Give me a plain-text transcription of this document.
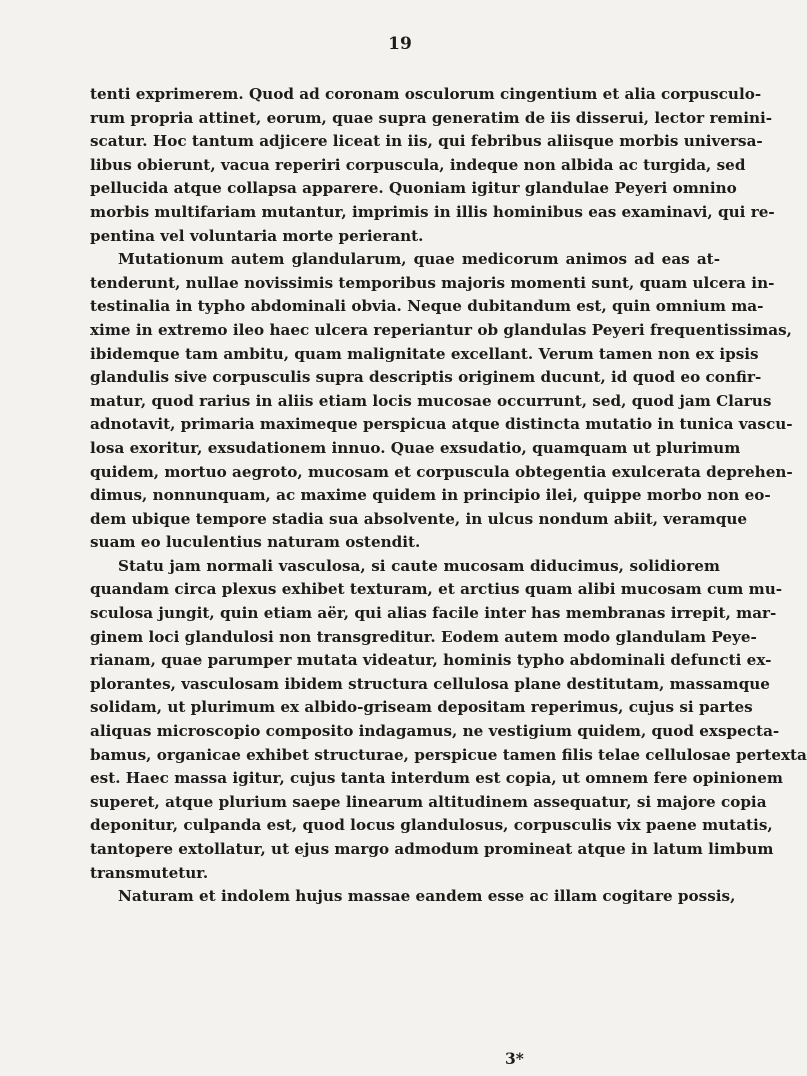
19
tenti exprimerem. Quod ad coronam osculorum cingentium et alia corpusculo-
rum propria attinet, eorum, quae supra generatim de iis disserui, lector remini-
scatur. Hoc tantum adjicere liceat in iis, qui febribus aliisque morbis universa-
libus obierunt, vacua reperiri corpuscula, indeque non albida ac turgida, sed
pellucida atque collapsa apparere. Quoniam igitur glandulae Peyeri omnino
morbis multifariam mutantur, imprimis in illis hominibus eas examinavi, qui re-
pentina vel voluntaria morte perierant.
Mutationum autem glandularum, quae medicorum animos ad eas at-
tenderunt, nullae novissimis temporibus majoris momenti sunt, quam ulcera in-
testinalia in typho abdominali obvia. Neque dubitandum est, quin omnium ma-
xime in extremo ileo haec ulcera reperiantur ob glandulas Peyeri frequentissimas,
ibidemque tam ambitu, quam malignitate excellant. Verum tamen non ex ipsis
glandulis sive corpusculis supra descriptis originem ducunt, id quod eo confir-
matur, quod rarius in aliis etiam locis mucosae occurrunt, sed, quod jam Clarus
adnotavit, primaria maximeque perspicua atque distincta mutatio in tunica vascu-
losa exoritur, exsudationem innuo. Quae exsudatio, quamquam ut plurimum
quidem, mortuo aegroto, mucosam et corpuscula obtegentia exulcerata deprehen-
dimus, nonnunquam, ac maxime quidem in principio ilei, quippe morbo non eo-
dem ubique tempore stadia sua absolvente, in ulcus nondum abiit, veramque
suam eo luculentius naturam ostendit.
Statu jam normali vasculosa, si caute mucosam diducimus, solidiorem
quandam circa plexus exhibet texturam, et arctius quam alibi mucosam cum mu-
sculosa jungit, quin etiam aër, qui alias facile inter has membranas irrepit, mar-
ginem loci glandulosi non transgreditur. Eodem autem modo glandulam Peye-
rianam, quae parumper mutata videatur, hominis typho abdominali defuncti ex-
plorantes, vasculosam ibidem structura cellulosa plane destitutam, massamque
solidam, ut plurimum ex albido-griseam depositam reperimus, cujus si partes
aliquas microscopio composito indagamus, ne vestigium quidem, quod exspecta-
bamus, organicae exhibet structurae, perspicue tamen filis telae cellulosae pertexta
est. Haec massa igitur, cujus tanta interdum est copia, ut omnem fere opinionem
superet, atque plurium saepe linearum altitudinem assequatur, si majore copia
deponitur, culpanda est, quod locus glandulosus, corpusculis vix paene mutatis,
tantopere extollatur, ut ejus margo admodum promineat atque in latum limbum
transmutetur.
Naturam et indolem hujus massae eandem esse ac illam cogitare possis,
3*
